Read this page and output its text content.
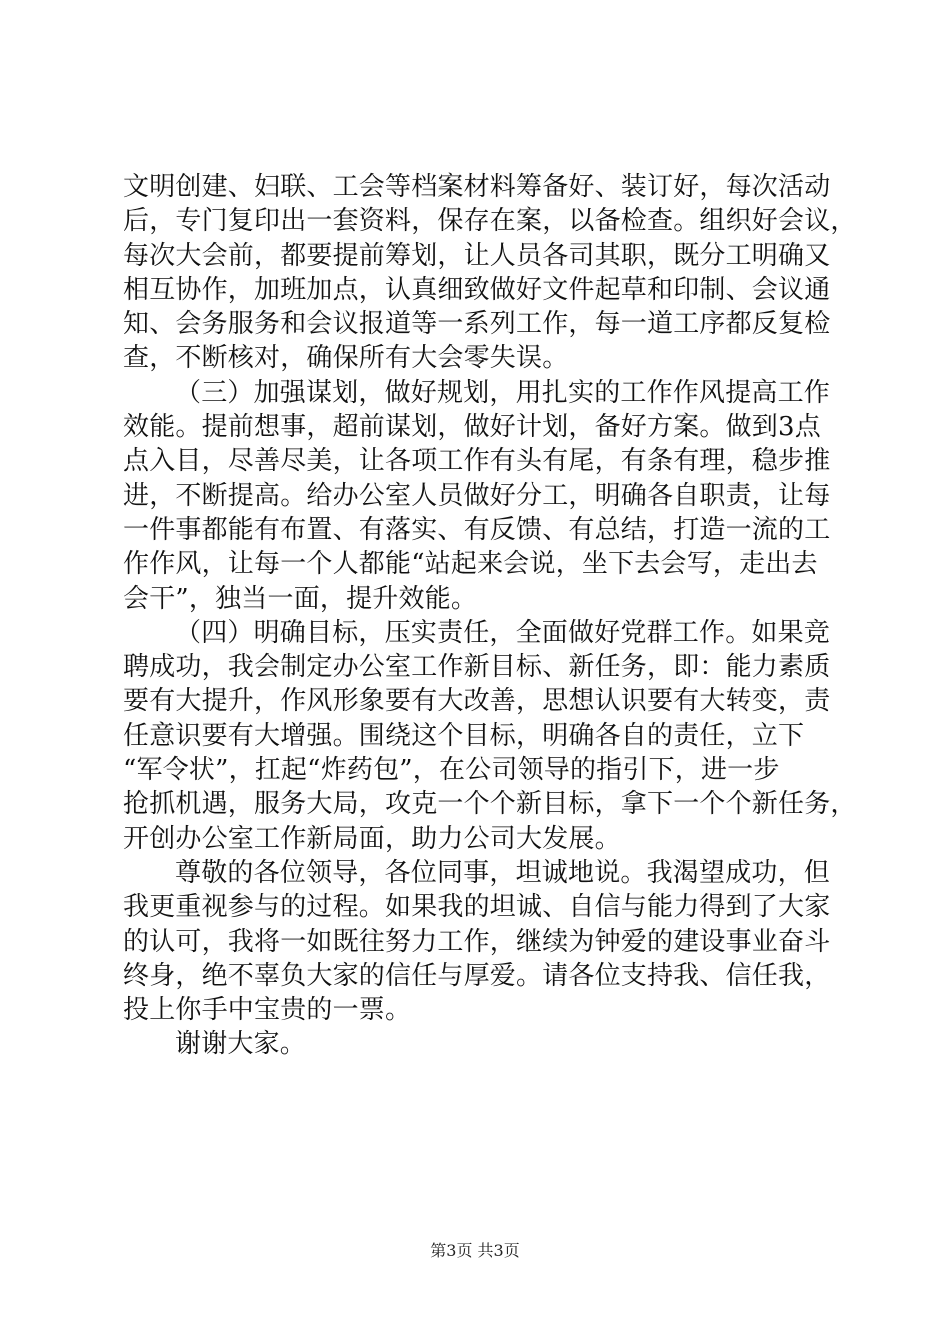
文明创建、妇联、工会等档案材料筹备好、装订好，每次活动
后，专门复印出一套资料，保存在案，以备检查。组织好会议，
每次大会前，都要提前筹划，让人员各司其职，既分工明确又
相互协作，加班加点，认真细致做好文件起草和印制、会议通
知、会务服务和会议报道等一系列工作，每一道工序都反复检
查，不断核对，确保所有大会零失误。
（三）加强谋划，做好规划，用扎实的工作作风提高工作
效能。提前想事，超前谋划，做好计划，备好方案。做到3点
点入目，尽善尽美，让各项工作有头有尾，有条有理，稳步推
进，不断提高。给办公室人员做好分工，明确各自职责，让每
一件事都能有布置、有落实、有反馈、有总结，打造一流的工
作作风，让每一个人都能“站起来会说，坐下去会写，走出去
会干”，独当一面，提升效能。
（四）明确目标，压实责任，全面做好党群工作。如果竞
聘成功，我会制定办公室工作新目标、新任务，即：能力素质
要有大提升，作风形象要有大改善，思想认识要有大转变，责
任意识要有大增强。围绕这个目标，明确各自的责任，立下
“军令状”，扛起“炸药包”，在公司领导的指引下，进一步
抢抓机遇，服务大局，攻克一个个新目标，拿下一个个新任务，
开创办公室工作新局面，助力公司大发展。
尊敬的各位领导，各位同事，坦诚地说。我渴望成功，但
我更重视参与的过程。如果我的坦诚、自信与能力得到了大家
的认可，我将一如既往努力工作，继续为钟爱的建设事业奋斗
终身，绝不辜负大家的信任与厚爱。请各位支持我、信任我，
投上你手中宝贵的一票。
谢谢大家。
第3页 共3页
